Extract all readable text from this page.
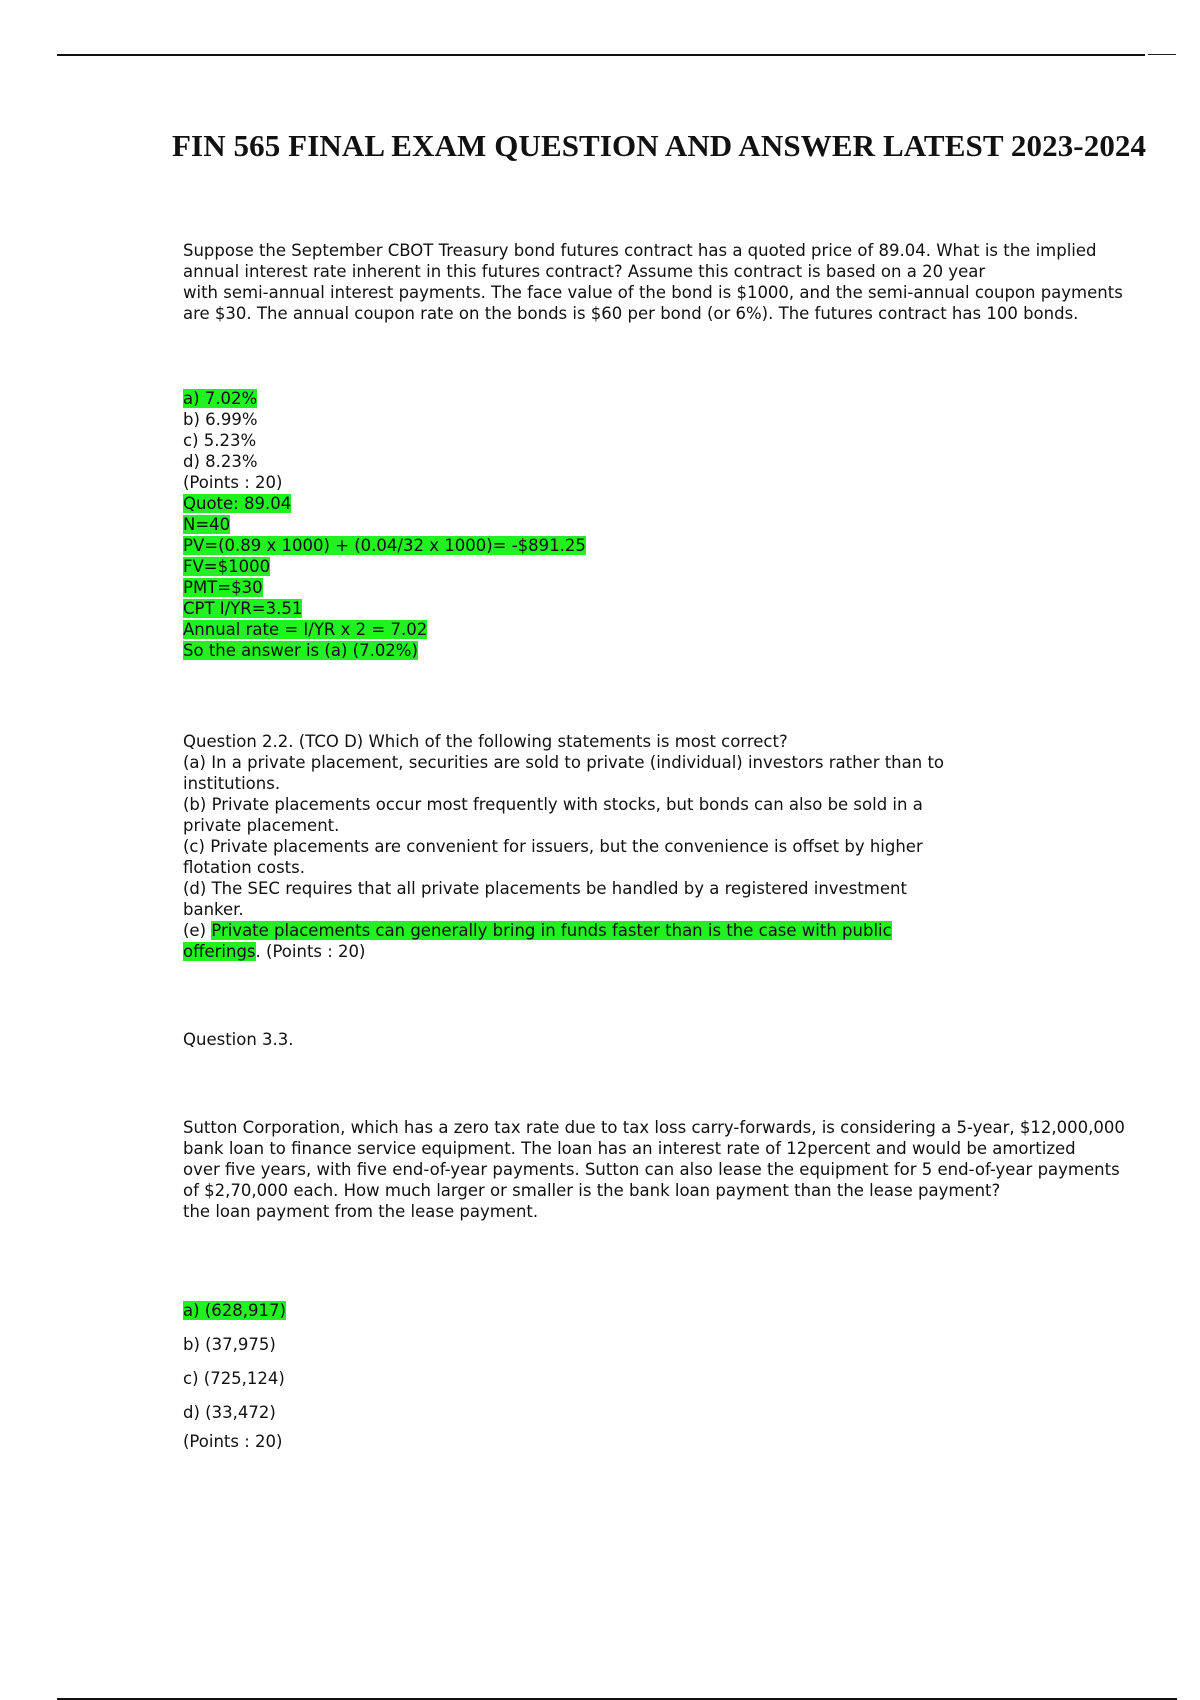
FIN 565 FINAL EXAM QUESTION AND ANSWER LATEST 2023-2024
Suppose the September CBOT Treasury bond futures contract has a quoted price of 89.04. What is the implied
annual interest rate inherent in this futures contract? Assume this contract is based on a 20 year
with semi-annual interest payments. The face value of the bond is $1000, and the semi-annual coupon payments
are $30. The annual coupon rate on the bonds is $60 per bond (or 6%). The futures contract has 100 bonds.
a) 7.02%
b) 6.99%
c) 5.23%
d) 8.23%
(Points : 20)
Quote: 89.04
N=40
PV=(0.89 x 1000) + (0.04/32 x 1000)= -$891.25
FV=$1000
PMT=$30
CPT I/YR=3.51
Annual rate = I/YR x 2 = 7.02
So the answer is (a) (7.02%)
Question 2.2. (TCO D) Which of the following statements is most correct?
(a) In a private placement, securities are sold to private (individual) investors rather than to
institutions.
(b) Private placements occur most frequently with stocks, but bonds can also be sold in a
private placement.
(c) Private placements are convenient for issuers, but the convenience is offset by higher
flotation costs.
(d) The SEC requires that all private placements be handled by a registered investment
banker.
(e) Private placements can generally bring in funds faster than is the case with public
offerings. (Points : 20)
Question 3.3.
Sutton Corporation, which has a zero tax rate due to tax loss carry-forwards, is considering a 5-year, $12,000,000
bank loan to finance service equipment. The loan has an interest rate of 12percent and would be amortized
over five years, with five end-of-year payments. Sutton can also lease the equipment for 5 end-of-year payments
of $2,70,000 each. How much larger or smaller is the bank loan payment than the lease payment?
the loan payment from the lease payment.
a) (628,917)
b) (37,975)
c) (725,124)
d) (33,472)
(Points : 20)
